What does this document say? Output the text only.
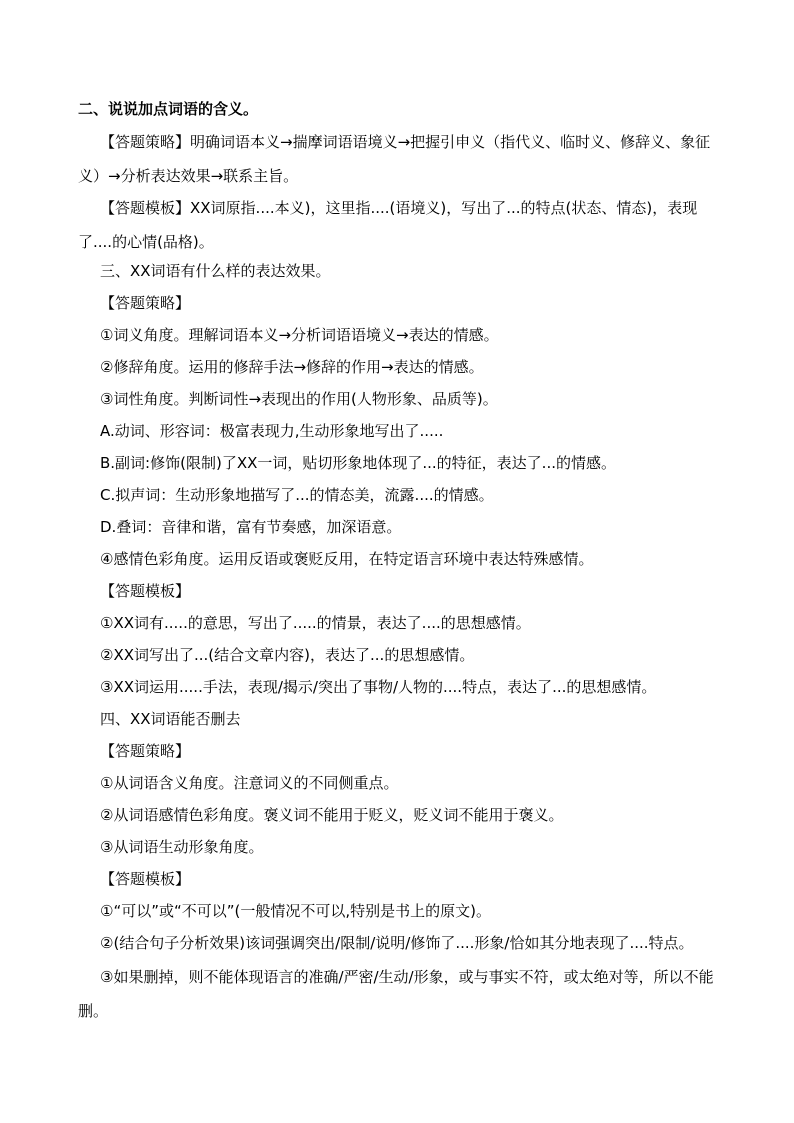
二、说说加点词语的含义。
【答题策略】明确词语本义→揣摩词语语境义→把握引申义（指代义、临时义、修辞义、象征义）→分析表达效果→联系主旨。
【答题模板】XX词原指....本义)，这里指....(语境义)，写出了...的特点(状态、情态)，表现了....的心情(品格)。
三、XX词语有什么样的表达效果。
【答题策略】
①词义角度。理解词语本义→分析词语语境义→表达的情感。
②修辞角度。运用的修辞手法→修辞的作用→表达的情感。
③词性角度。判断词性→表现出的作用(人物形象、品质等)。
A.动词、形容词：极富表现力,生动形象地写出了.....
B.副词:修饰(限制)了XX一词，贴切形象地体现了...的特征，表达了...的情感。
C.拟声词：生动形象地描写了...的情态美，流露....的情感。
D.叠词：音律和谐，富有节奏感，加深语意。
④感情色彩角度。运用反语或褒贬反用，在特定语言环境中表达特殊感情。
【答题模板】
①XX词有.....的意思，写出了.....的情景，表达了....的思想感情。
②XX词写出了...(结合文章内容)，表达了...的思想感情。
③XX词运用.....手法，表现/揭示/突出了事物/人物的....特点，表达了...的思想感情。
四、XX词语能否删去
【答题策略】
①从词语含义角度。注意词义的不同侧重点。
②从词语感情色彩角度。褒义词不能用于贬义，贬义词不能用于褒义。
③从词语生动形象角度。
【答题模板】
①“可以”或“不可以”(一般情况不可以,特别是书上的原文)。
②(结合句子分析效果)该词强调突出/限制/说明/修饰了....形象/恰如其分地表现了....特点。
③如果删掉，则不能体现语言的准确/严密/生动/形象，或与事实不符，或太绝对等，所以不能删。
